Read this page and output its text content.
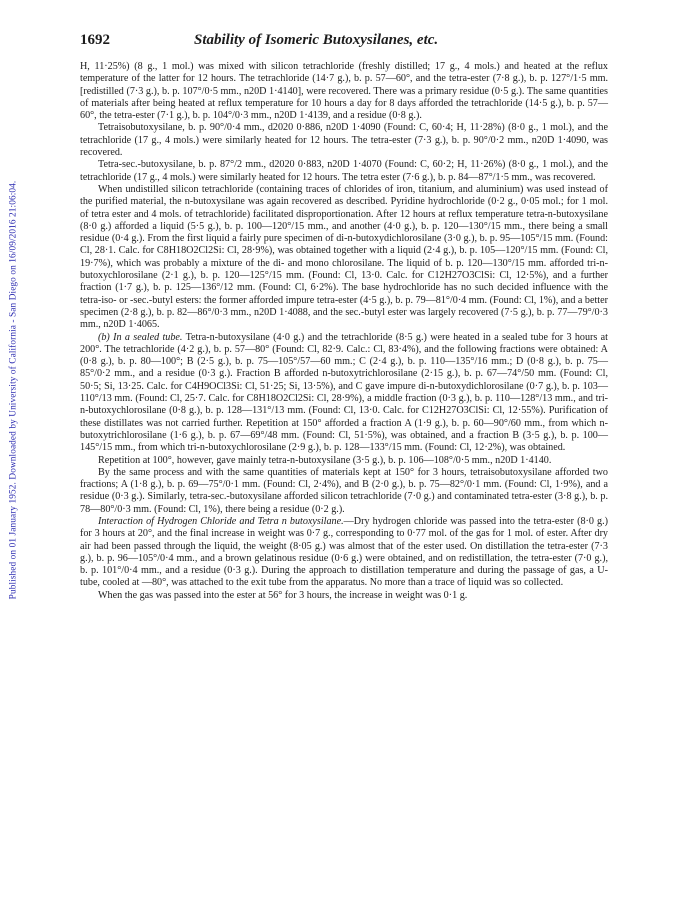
Published on 01 January 1952. Downloaded by University of California - San Diego on 16/09/2016 21:06:04.
1692	Stability of Isomeric Butoxysilanes, etc.

H, 11·25%) (8 g., 1 mol.) was mixed with silicon tetrachloride (freshly distilled; 17 g., 4 mols.) and heated at the reflux temperature of the latter for 12 hours. The tetrachloride (14·7 g.), b. p. 57—60°, and the tetra-ester (7·8 g.), b. p. 127°/1·5 mm. [redistilled (7·3 g.), b. p. 107°/0·5 mm., n20D 1·4140], were recovered. There was a primary residue (0·5 g.). The same quantities of materials after being heated at reflux temperature for 10 hours a day for 8 days afforded the tetrachloride (14·5 g.), b. p. 57—60°, the tetra-ester (7·1 g.), b. p. 104°/0·3 mm., n20D 1·4139, and a residue (0·8 g.).

Tetraisobutoxysilane, b. p. 90°/0·4 mm., d2020 0·886, n20D 1·4090 (Found: C, 60·4; H, 11·28%) (8·0 g., 1 mol.), and the tetrachloride (17 g., 4 mols.) were similarly heated for 12 hours. The tetra-ester (7·3 g.), b. p. 90°/0·2 mm., n20D 1·4090, was recovered.

Tetra-sec.-butoxysilane, b. p. 87°/2 mm., d2020 0·883, n20D 1·4070 (Found: C, 60·2; H, 11·26%) (8·0 g., 1 mol.), and the tetrachloride (17 g., 4 mols.) were similarly heated for 12 hours. The tetra ester (7·6 g.), b. p. 84—87°/1·5 mm., was recovered.

When undistilled silicon tetrachloride (containing traces of chlorides of iron, titanium, and aluminium) was used instead of the purified material, the n-butoxysilane was again recovered as described. Pyridine hydrochloride (0·2 g., 0·05 mol.; for 1 mol. of tetra ester and 4 mols. of tetrachloride) facilitated disproportionation. After 12 hours at reflux temperature tetra-n-butoxysilane (8·0 g.) afforded a liquid (5·5 g.), b. p. 100—120°/15 mm., and another (4·0 g.), b. p. 120—130°/15 mm., there being a small residue (0·4 g.). From the first liquid a fairly pure specimen of di-n-butoxydichlorosilane (3·0 g.), b. p. 95—105°/15 mm. (Found: Cl, 28·1. Calc. for C8H18O2Cl2Si: Cl, 28·9%), was obtained together with a liquid (2·4 g.), b. p. 105—120°/15 mm. (Found: Cl, 19·7%), which was probably a mixture of the di- and mono chlorosilane. The liquid of b. p. 120—130°/15 mm. afforded tri-n-butoxychlorosilane (2·1 g.), b. p. 120—125°/15 mm. (Found: Cl, 13·0. Calc. for C12H27O3ClSi: Cl, 12·5%), and a further fraction (1·7 g.), b. p. 125—136°/12 mm. (Found: Cl, 6·2%). The base hydrochloride has no such decided influence with the tetra-iso- or -sec.-butyl esters: the former afforded impure tetra-ester (4·5 g.), b. p. 79—81°/0·4 mm. (Found: Cl, 1%), and a better specimen (2·8 g.), b. p. 82—86°/0·3 mm., n20D 1·4088, and the sec.-butyl ester was largely recovered (7·5 g.), b. p. 77—79°/0·3 mm., n20D 1·4065.

(b) In a sealed tube. Tetra-n-butoxysilane (4·0 g.) and the tetrachloride (8·5 g.) were heated in a sealed tube for 3 hours at 200°. The tetrachloride (4·2 g.), b. p. 57—80° (Found: Cl, 82·9. Calc.: Cl, 83·4%), and the following fractions were obtained: A (0·8 g.), b. p. 80—100°; B (2·5 g.), b. p. 75—105°/57—60 mm.; C (2·4 g.), b. p. 110—135°/16 mm.; D (0·8 g.), b. p. 75—85°/0·2 mm., and a residue (0·3 g.). Fraction B afforded n-butoxytrichlorosilane (2·15 g.), b. p. 67—74°/50 mm. (Found: Cl, 50·5; Si, 13·25. Calc. for C4H9OCl3Si: Cl, 51·25; Si, 13·5%), and C gave impure di-n-butoxydichlorosilane (0·7 g.), b. p. 103—110°/13 mm. (Found: Cl, 25·7. Calc. for C8H18O2Cl2Si: Cl, 28·9%), a middle fraction (0·3 g.), b. p. 110—128°/13 mm., and tri-n-butoxychlorosilane (0·8 g.), b. p. 128—131°/13 mm. (Found: Cl, 13·0. Calc. for C12H27O3ClSi: Cl, 12·55%). Purification of these distillates was not carried further. Repetition at 150° afforded a fraction A (1·9 g.), b. p. 60—90°/60 mm., from which n-butoxytrichlorosilane (1·6 g.), b. p. 67—69°/48 mm. (Found: Cl, 51·5%), was obtained, and a fraction B (3·5 g.), b. p. 100—145°/15 mm., from which tri-n-butoxychlorosilane (2·9 g.), b. p. 128—133°/15 mm. (Found: Cl, 12·2%), was obtained.

Repetition at 100°, however, gave mainly tetra-n-butoxysilane (3·5 g.), b. p. 106—108°/0·5 mm., n20D 1·4140.

By the same process and with the same quantities of materials kept at 150° for 3 hours, tetraisobutoxysilane afforded two fractions; A (1·8 g.), b. p. 69—75°/0·1 mm. (Found: Cl, 2·4%), and B (2·0 g.), b. p. 75—82°/0·1 mm. (Found: Cl, 1·9%), and a residue (0·3 g.). Similarly, tetra-sec.-butoxysilane afforded silicon tetrachloride (7·0 g.) and contaminated tetra-ester (3·8 g.), b. p. 78—80°/0·3 mm. (Found: Cl, 1%), there being a residue (0·2 g.).

Interaction of Hydrogen Chloride and Tetra n butoxysilane.—Dry hydrogen chloride was passed into the tetra-ester (8·0 g.) for 3 hours at 20°, and the final increase in weight was 0·7 g., corresponding to 0·77 mol. of the gas for 1 mol. of ester. After dry air had been passed through the liquid, the weight (8·05 g.) was almost that of the ester used. On distillation the tetra-ester (7·3 g.), b. p. 96—105°/0·4 mm., and a brown gelatinous residue (0·6 g.) were obtained, and on redistillation, the tetra-ester (7·0 g.), b. p. 101°/0·4 mm., and a residue (0·3 g.). During the approach to distillation temperature and during the passage of gas, a U-tube, cooled at —80°, was attached to the exit tube from the apparatus. No more than a trace of liquid was so collected.

When the gas was passed into the ester at 56° for 3 hours, the increase in weight was 0·1 g.
